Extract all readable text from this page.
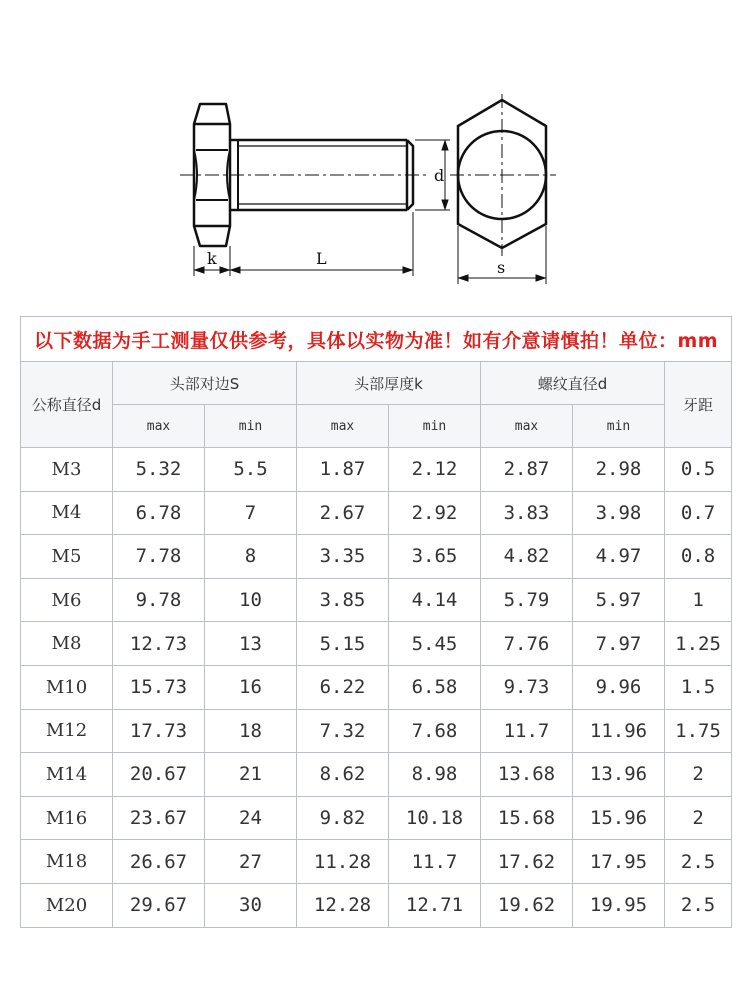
d
k	L	s
以下数据为手工测量仅供参考，具体以实物为准！如有介意请慎拍！单位：mm							
公称直径d	头部对边S		头部厚度k		螺纹直径d		牙距
	max	min	max	min	max	min	
M3	5.32	5.5	1.87	2.12	2.87	2.98	0.5
M4	6.78	7	2.67	2.92	3.83	3.98	0.7
M5	7.78	8	3.35	3.65	4.82	4.97	0.8
M6	9.78	10	3.85	4.14	5.79	5.97	1
M8	12.73	13	5.15	5.45	7.76	7.97	1.25
M10	15.73	16	6.22	6.58	9.73	9.96	1.5
M12	17.73	18	7.32	7.68	11.7	11.96	1.75
M14	20.67	21	8.62	8.98	13.68	13.96	2
M16	23.67	24	9.82	10.18	15.68	15.96	2
M18	26.67	27	11.28	11.7	17.62	17.95	2.5
M20	29.67	30	12.28	12.71	19.62	19.95	2.5
